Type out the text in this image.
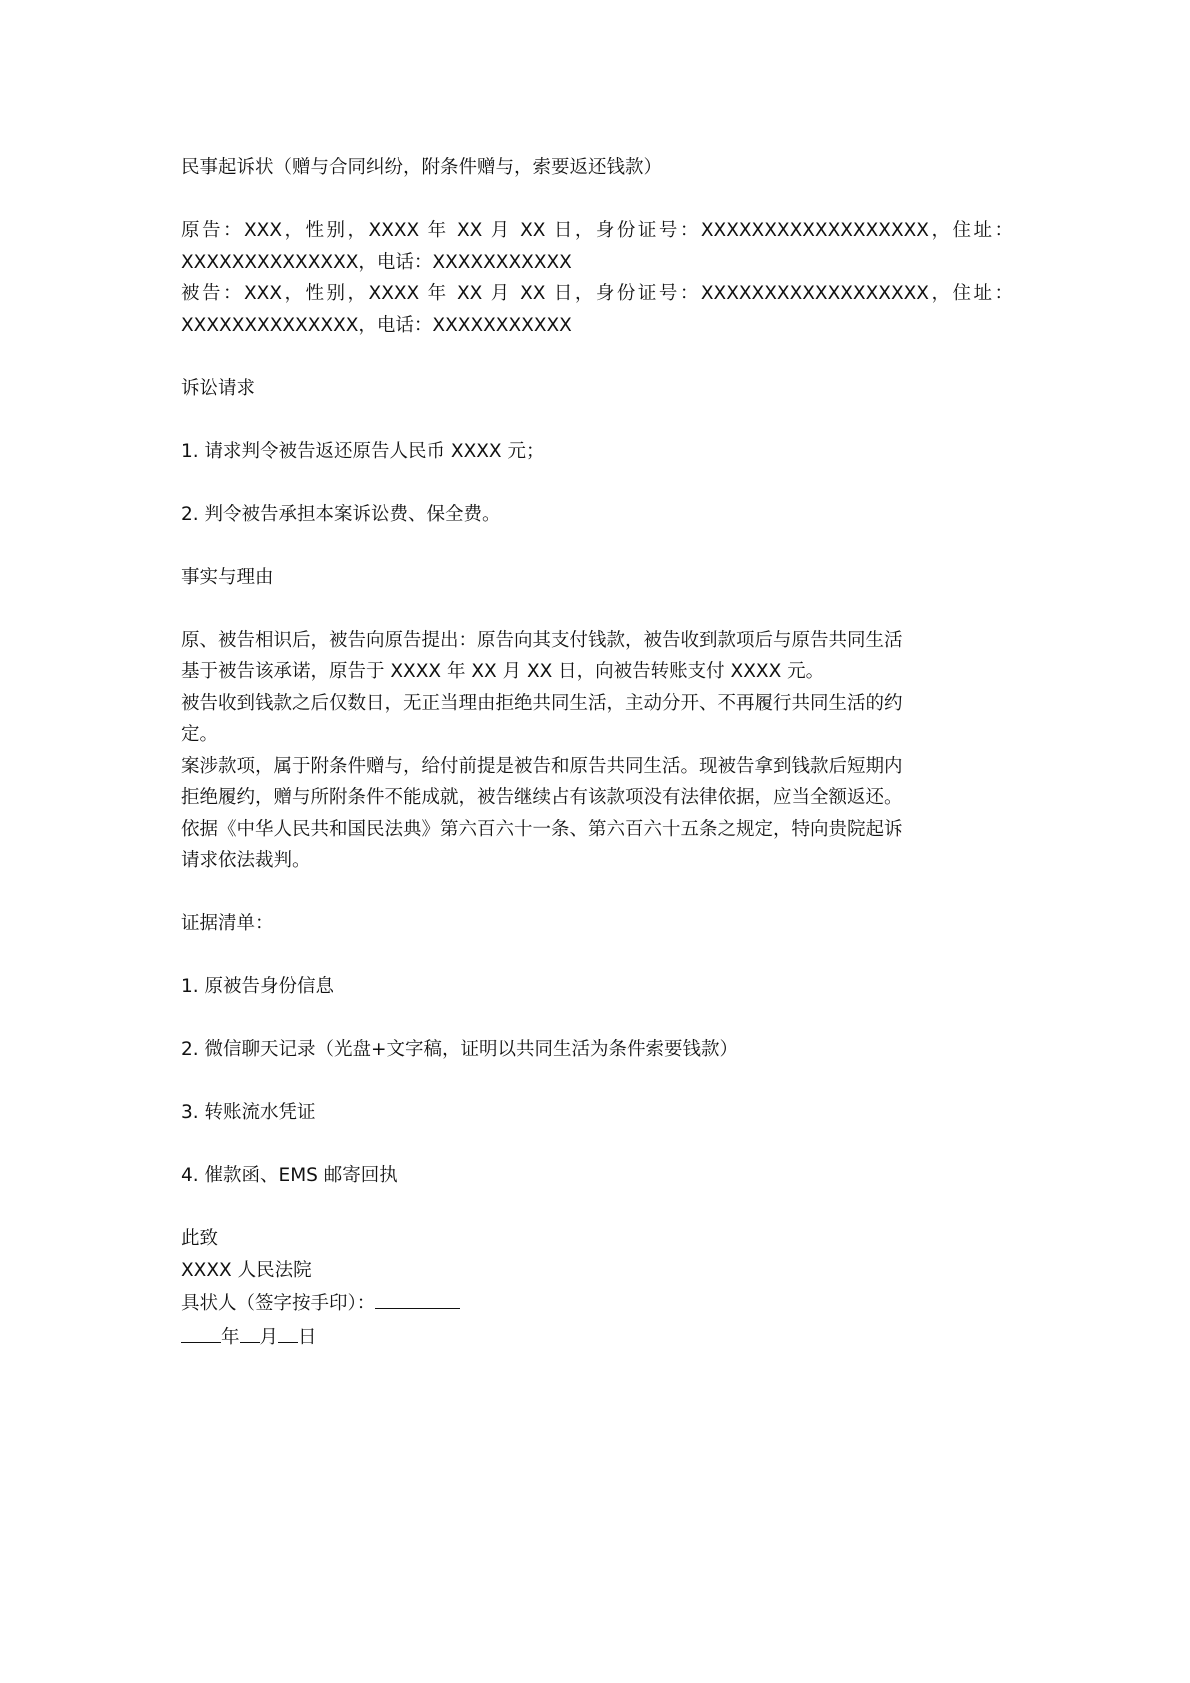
民事起诉状（赠与合同纠纷，附条件赠与，索要返还钱款）
原告：XXX，性别，XXXX 年 XX 月 XX 日，身份证号：XXXXXXXXXXXXXXXXXX，住址：
XXXXXXXXXXXXXX，电话：XXXXXXXXXXX
被告：XXX，性别，XXXX 年 XX 月 XX 日，身份证号：XXXXXXXXXXXXXXXXXX，住址：
XXXXXXXXXXXXXX，电话：XXXXXXXXXXX
诉讼请求
1. 请求判令被告返还原告人民币 XXXX 元；
2. 判令被告承担本案诉讼费、保全费。
事实与理由
原、被告相识后，被告向原告提出：原告向其支付钱款，被告收到款项后与原告共同生活
基于被告该承诺，原告于 XXXX 年 XX 月 XX 日，向被告转账支付 XXXX 元。
被告收到钱款之后仅数日，无正当理由拒绝共同生活，主动分开、不再履行共同生活的约
定。
案涉款项，属于附条件赠与，给付前提是被告和原告共同生活。现被告拿到钱款后短期内
拒绝履约，赠与所附条件不能成就，被告继续占有该款项没有法律依据，应当全额返还。
依据《中华人民共和国民法典》第六百六十一条、第六百六十五条之规定，特向贵院起诉
请求依法裁判。
证据清单：
1. 原被告身份信息
2. 微信聊天记录（光盘+文字稿，证明以共同生活为条件索要钱款）
3. 转账流水凭证
4. 催款函、EMS 邮寄回执
此致
XXXX 人民法院
具状人（签字按手印）：
年 月 日
